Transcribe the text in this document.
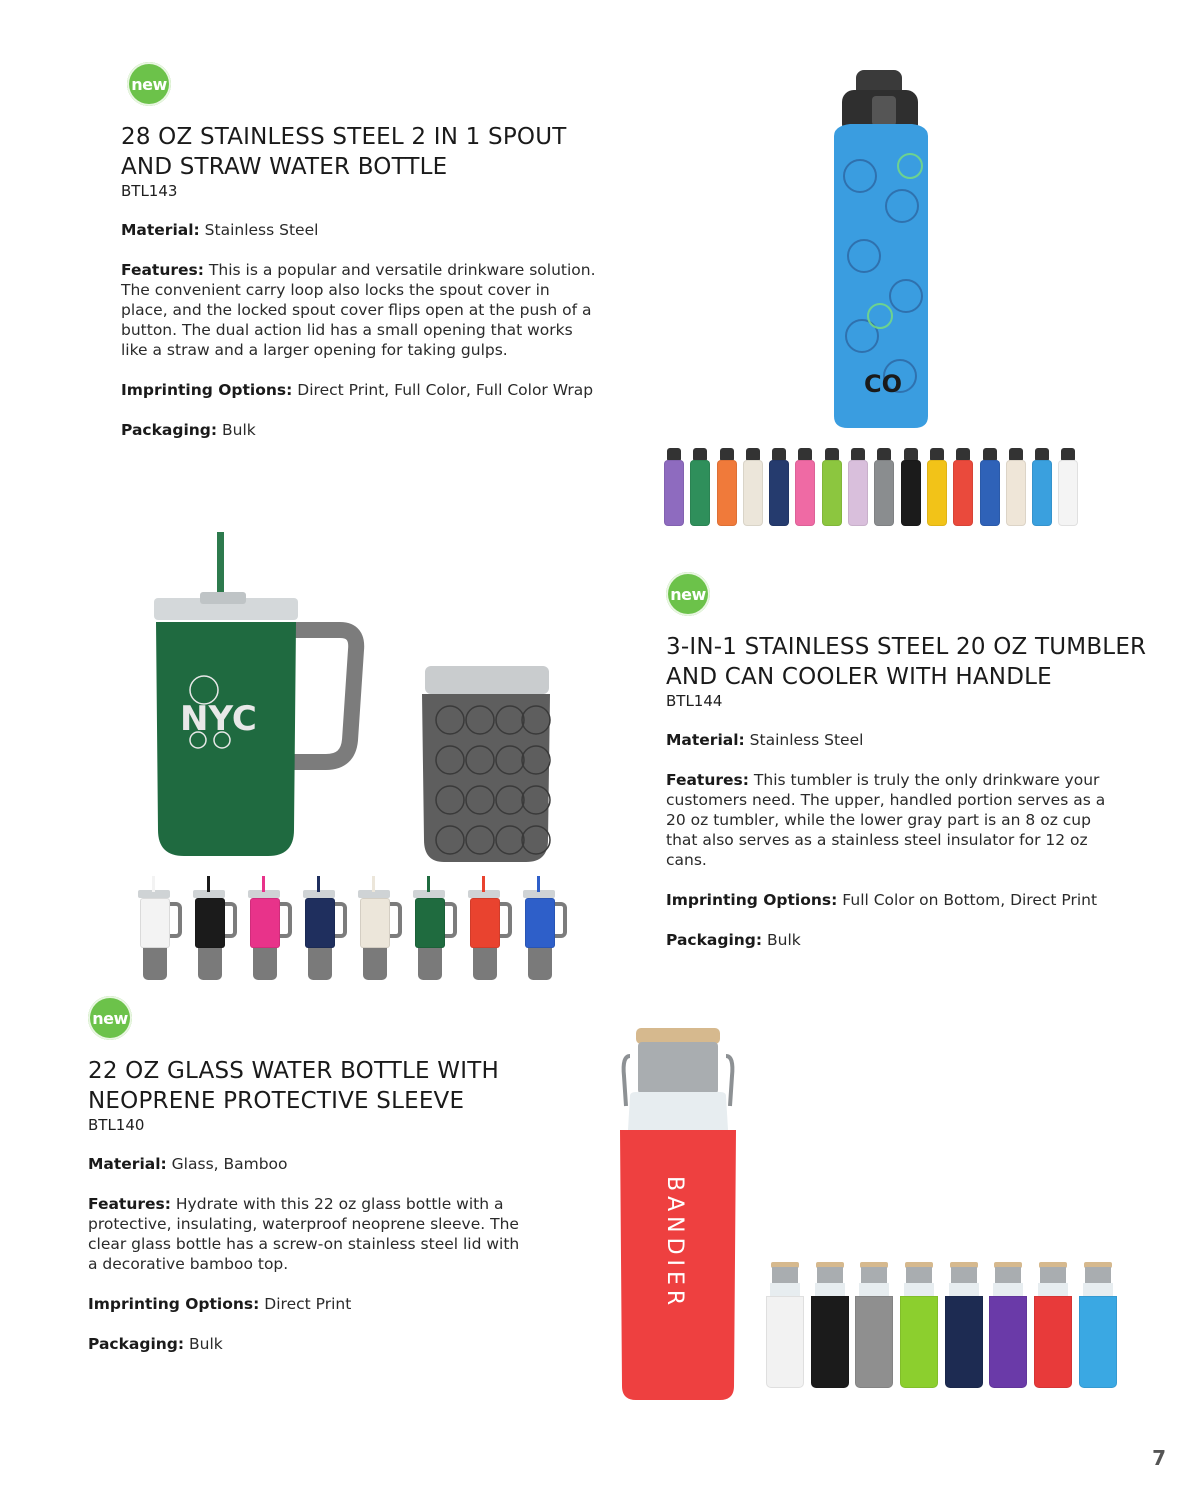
new
28 OZ STAINLESS STEEL 2 IN 1 SPOUT
AND STRAW WATER BOTTLE
BTL143

Material: Stainless Steel

Features: This is a popular and versatile drinkware solution. The convenient carry loop also locks the spout cover in place, and the locked spout cover flips open at the push of a button. The dual action lid has a small opening that works like a straw and a larger opening for taking gulps.

Imprinting Options: Direct Print, Full Color, Full Color Wrap

Packaging: Bulk

CO
NYC
new
3-IN-1 STAINLESS STEEL 20 OZ TUMBLER
AND CAN COOLER WITH HANDLE
BTL144

Material: Stainless Steel

Features: This tumbler is truly the only drinkware your customers need. The upper, handled portion serves as a 20 oz tumbler, while the lower gray part is an 8 oz cup that also serves as a stainless steel insulator for 12 oz cans.

Imprinting Options: Full Color on Bottom, Direct Print

Packaging: Bulk

new
22 OZ GLASS WATER BOTTLE WITH
NEOPRENE PROTECTIVE SLEEVE
BTL140

Material: Glass, Bamboo

Features: Hydrate with this 22 oz glass bottle with a protective, insulating, waterproof neoprene sleeve. The clear glass bottle has a screw-on stainless steel lid with a decorative bamboo top.

Imprinting Options: Direct Print

Packaging: Bulk

BANDIER
7
